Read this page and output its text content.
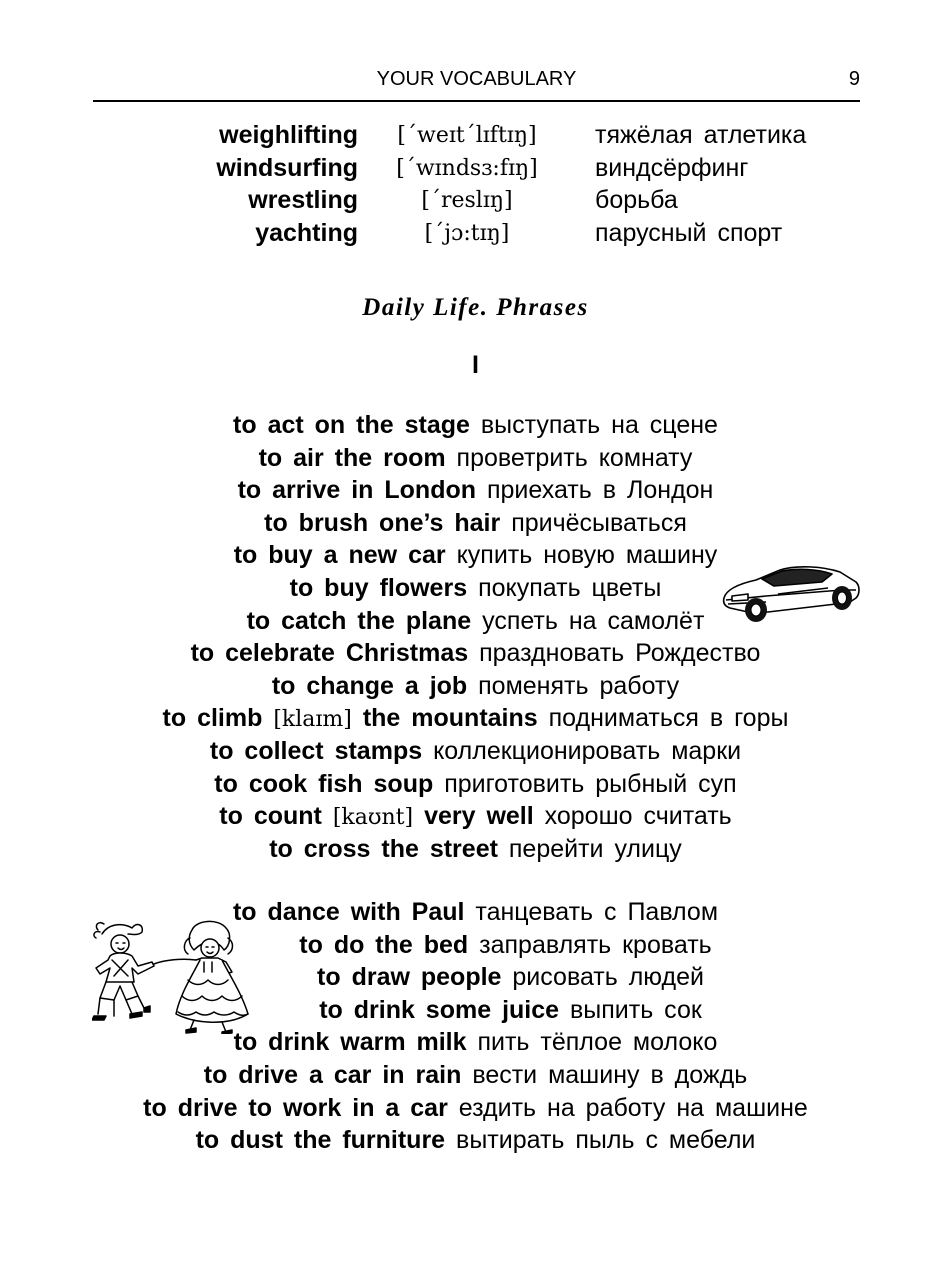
YOUR VOCABULARY	9
weighlifting	[´weɪt´lɪftɪŋ]	тяжёлая атлетика
windsurfing	[´wɪndsɜ:fɪŋ]	виндсёрфинг
wrestling	[´reslɪŋ]	борьба
yachting	[´jɔ:tɪŋ]	парусный спорт
Daily Life. Phrases
I
to act on the stage выступать на сцене
to air the room проветрить комнату
to arrive in London приехать в Лондон
to brush one’s hair причёсываться
to buy a new car купить новую машину
to buy flowers покупать цветы
to catch the plane успеть на самолёт
to celebrate Christmas праздновать Рождество
to change a job поменять работу
to climb [klaɪm] the mountains подниматься в горы
to collect stamps коллекционировать марки
to cook fish soup приготовить рыбный суп
to count [kaʊnt] very well хорошо считать
to cross the street перейти улицу
to dance with Paul танцевать с Павлом
to do the bed заправлять кровать
to draw people рисовать людей
to drink some juice выпить сок
to drink warm milk пить тёплое молоко
to drive a car in rain вести машину в дождь
to drive to work in a car ездить на работу на машине
to dust the furniture вытирать пыль с мебели
